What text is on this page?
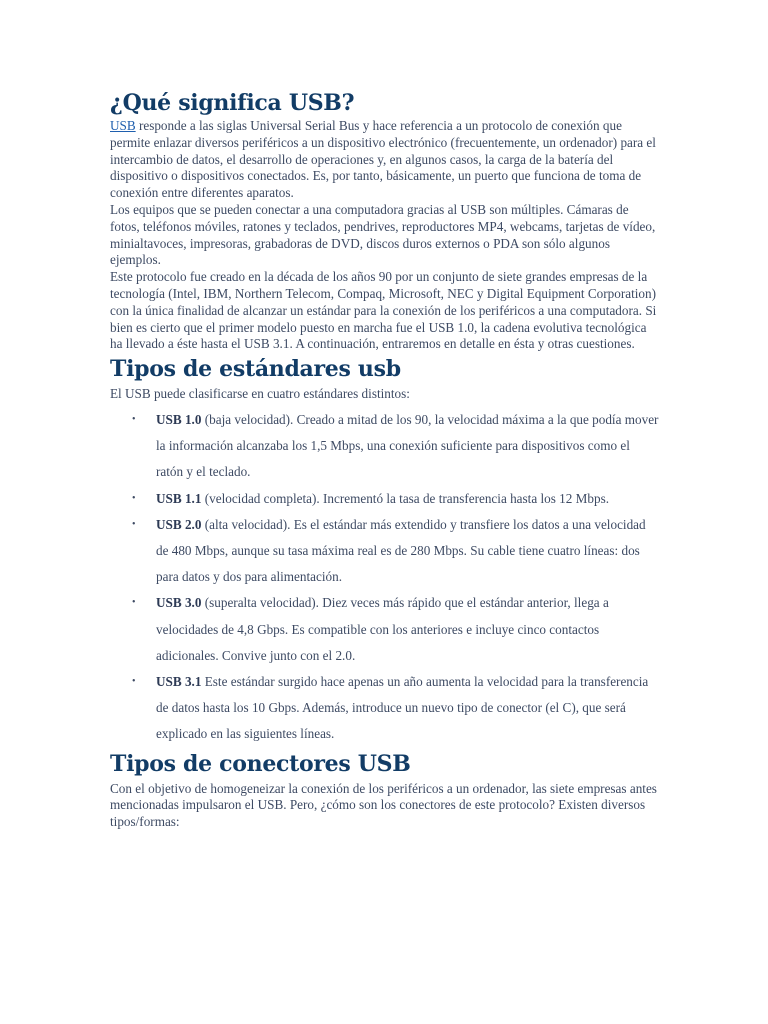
¿Qué significa USB?

USB responde a las siglas Universal Serial Bus y hace referencia a un protocolo de conexión que permite enlazar diversos periféricos a un dispositivo electrónico (frecuentemente, un ordenador) para el intercambio de datos, el desarrollo de operaciones y, en algunos casos, la carga de la batería del dispositivo o dispositivos conectados. Es, por tanto, básicamente, un puerto que funciona de toma de conexión entre diferentes aparatos.

Los equipos que se pueden conectar a una computadora gracias al USB son múltiples. Cámaras de fotos, teléfonos móviles, ratones y teclados, pendrives, reproductores MP4, webcams, tarjetas de vídeo, minialtavoces, impresoras, grabadoras de DVD, discos duros externos o PDA son sólo algunos ejemplos.

Este protocolo fue creado en la década de los años 90 por un conjunto de siete grandes empresas de la tecnología (Intel, IBM, Northern Telecom, Compaq, Microsoft, NEC y Digital Equipment Corporation) con la única finalidad de alcanzar un estándar para la conexión de los periféricos a una computadora. Si bien es cierto que el primer modelo puesto en marcha fue el USB 1.0, la cadena evolutiva tecnológica ha llevado a éste hasta el USB 3.1. A continuación, entraremos en detalle en ésta y otras cuestiones.

Tipos de estándares usb

El USB puede clasificarse en cuatro estándares distintos:

• USB 1.0 (baja velocidad). Creado a mitad de los 90, la velocidad máxima a la que podía mover la información alcanzaba los 1,5 Mbps, una conexión suficiente para dispositivos como el ratón y el teclado.
• USB 1.1 (velocidad completa). Incrementó la tasa de transferencia hasta los 12 Mbps.
• USB 2.0 (alta velocidad). Es el estándar más extendido y transfiere los datos a una velocidad de 480 Mbps, aunque su tasa máxima real es de 280 Mbps. Su cable tiene cuatro líneas: dos para datos y dos para alimentación.
• USB 3.0 (superalta velocidad). Diez veces más rápido que el estándar anterior, llega a velocidades de 4,8 Gbps. Es compatible con los anteriores e incluye cinco contactos adicionales. Convive junto con el 2.0.
• USB 3.1 Este estándar surgido hace apenas un año aumenta la velocidad para la transferencia de datos hasta los 10 Gbps. Además, introduce un nuevo tipo de conector (el C), que será explicado en las siguientes líneas.
Tipos de conectores USB

Con el objetivo de homogeneizar la conexión de los periféricos a un ordenador, las siete empresas antes mencionadas impulsaron el USB. Pero, ¿cómo son los conectores de este protocolo? Existen diversos tipos/formas:
